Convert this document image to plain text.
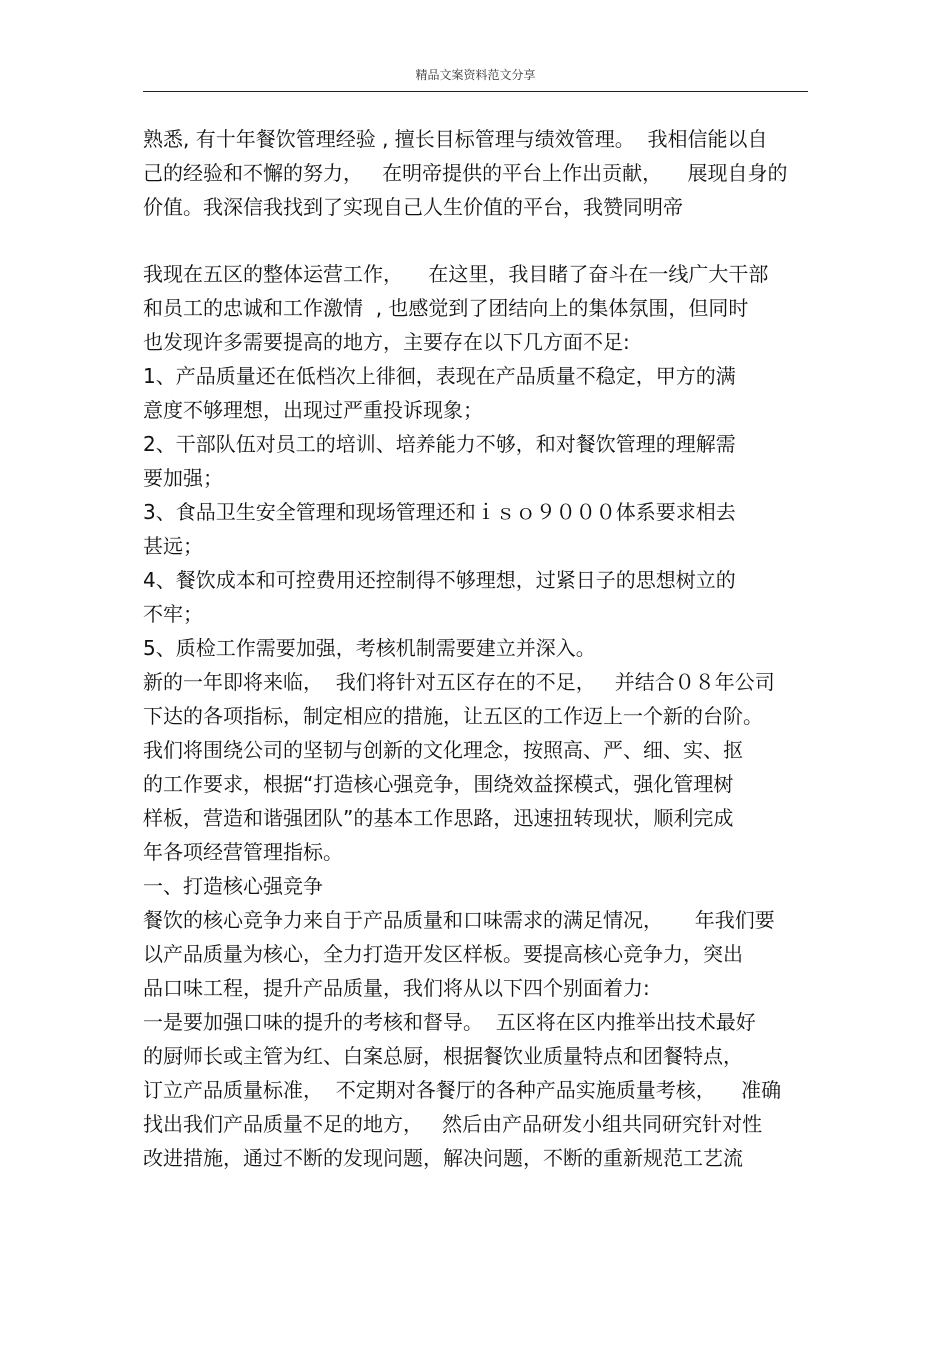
精品文案资料范文分享
熟悉, 有十年餐饮管理经验 , 擅长目标管理与绩效管理。  我相信能以自
己的经验和不懈的努力，   在明帝提供的平台上作出贡献，    展现自身的
价值。我深信我找到了实现自己人生价值的平台，我赞同明帝
我现在五区的整体运营工作，    在这里，我目睹了奋斗在一线广大干部
和员工的忠诚和工作激情  , 也感觉到了团结向上的集体氛围，但同时
也发现许多需要提高的地方，主要存在以下几方面不足:
1、产品质量还在低档次上徘徊，表现在产品质量不稳定，甲方的满
意度不够理想，出现过严重投诉现象；
2、干部队伍对员工的培训、培养能力不够，和对餐饮管理的理解需
要加强；
3、食品卫生安全管理和现场管理还和ｉｓｏ９０００体系要求相去
甚远；
4、餐饮成本和可控费用还控制得不够理想，过紧日子的思想树立的
不牢；
5、质检工作需要加强，考核机制需要建立并深入。
新的一年即将来临，  我们将针对五区存在的不足，   并结合０８年公司
下达的各项指标，制定相应的措施，让五区的工作迈上一个新的台阶。
我们将围绕公司的坚韧与创新的文化理念，按照高、严、细、实、抠
的工作要求，根据“打造核心强竞争，围绕效益探模式，强化管理树
样板，营造和谐强团队”的基本工作思路，迅速扭转现状，顺利完成
年各项经营管理指标。
一、打造核心强竞争
餐饮的核心竞争力来自于产品质量和口味需求的满足情况，     年我们要
以产品质量为核心，全力打造开发区样板。要提高核心竞争力，突出
品口味工程，提升产品质量，我们将从以下四个别面着力:
一是要加强口味的提升的考核和督导。  五区将在区内推举出技术最好
的厨师长或主管为红、白案总厨，根据餐饮业质量特点和团餐特点，
订立产品质量标准，  不定期对各餐厅的各种产品实施质量考核，    准确
找出我们产品质量不足的地方，   然后由产品研发小组共同研究针对性
改进措施，通过不断的发现问题，解决问题，不断的重新规范工艺流
